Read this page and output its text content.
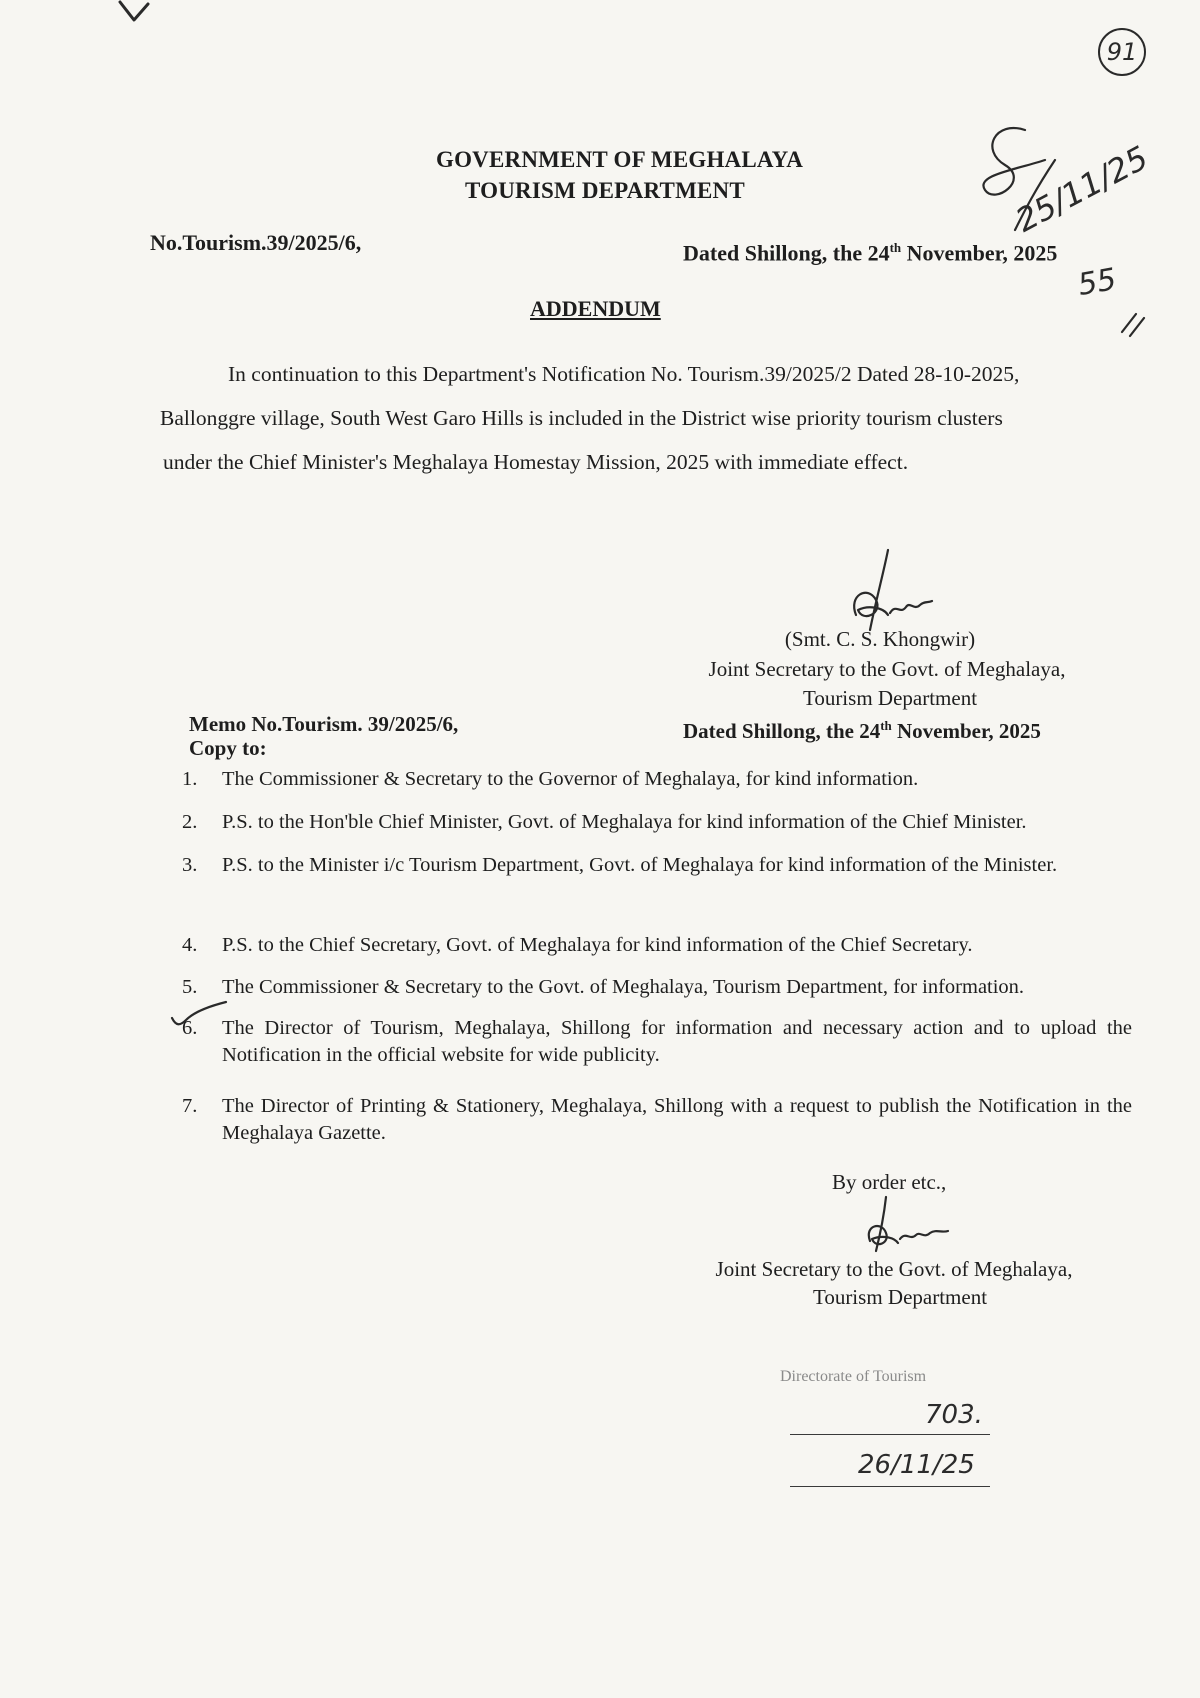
GOVERNMENT OF MEGHALAYA
TOURISM DEPARTMENT
No.Tourism.39/2025/6,	Dated Shillong, the 24th November, 2025
ADDENDUM
In continuation to this Department's Notification No. Tourism.39/2025/2 Dated 28-10-2025,
Ballonggre village, South West Garo Hills is included in the District wise priority tourism clusters
under the Chief Minister's Meghalaya Homestay Mission, 2025 with immediate effect.
(Smt. C. S. Khongwir)
Joint Secretary to the Govt. of Meghalaya,
Tourism Department
Memo No.Tourism. 39/2025/6,
Copy to:
Dated Shillong, the 24th November, 2025
1.	The Commissioner & Secretary to the Governor of Meghalaya, for kind information.
2.	P.S. to the Hon'ble Chief Minister, Govt. of Meghalaya for kind information of the Chief Minister.
3.	P.S. to the Minister i/c Tourism Department, Govt. of Meghalaya for kind information of the Minister.
4.	P.S. to the Chief Secretary, Govt. of Meghalaya for kind information of the Chief Secretary.
5.	The Commissioner & Secretary to the Govt. of Meghalaya, Tourism Department, for information.
6.	The Director of Tourism, Meghalaya, Shillong for information and necessary action and to upload the Notification in the official website for wide publicity.
7.	The Director of Printing & Stationery, Meghalaya, Shillong with a request to publish the Notification in the Meghalaya Gazette.
By order etc.,
Joint Secretary to the Govt. of Meghalaya,
Tourism Department
Directorate of Tourism
703.
26/11/25
91
25/11/25
55
